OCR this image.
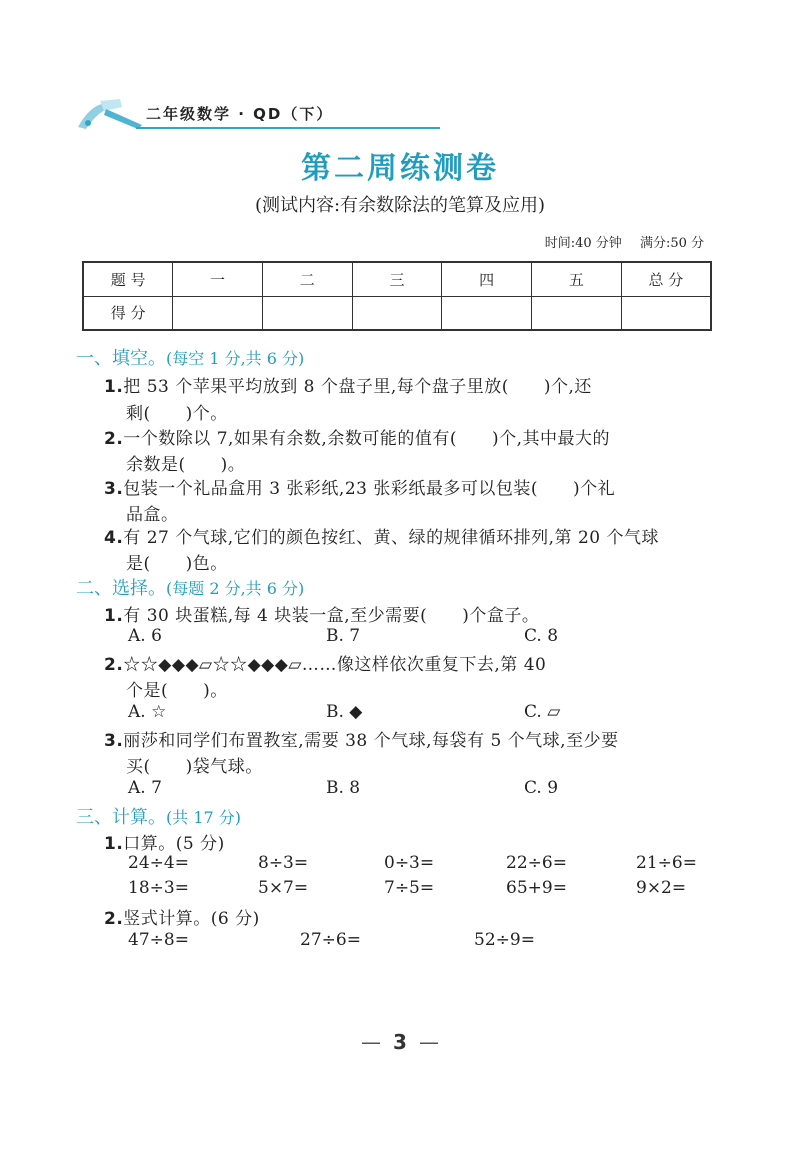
二年级数学 · QD（下）
第二周练测卷
(测试内容:有余数除法的笔算及应用)
时间:40 分钟 满分:50 分
题 号	一	二	三	四	五	总 分
得 分						
一、填空。(每空 1 分,共 6 分)
1.把 53 个苹果平均放到 8 个盘子里,每个盘子里放(　　)个,还
剩(　　)个。
2.一个数除以 7,如果有余数,余数可能的值有(　　)个,其中最大的
余数是(　　)。
3.包装一个礼品盒用 3 张彩纸,23 张彩纸最多可以包装(　　)个礼
品盒。
4.有 27 个气球,它们的颜色按红、黄、绿的规律循环排列,第 20 个气球
是(　　)色。
二、选择。(每题 2 分,共 6 分)
1.有 30 块蛋糕,每 4 块装一盒,至少需要(　　)个盒子。
A. 6	B. 7	C. 8
2.☆☆◆◆◆▱☆☆◆◆◆▱……像这样依次重复下去,第 40
个是(　　)。
A. ☆	B. ◆	C. ▱
3.丽莎和同学们布置教室,需要 38 个气球,每袋有 5 个气球,至少要
买(　　)袋气球。
A. 7	B. 8	C. 9
三、计算。(共 17 分)
1.口算。(5 分)
24÷4=	8÷3=	0÷3=	22÷6=	21÷6=
18÷3=	5×7=	7÷5=	65+9=	9×2=
2.竖式计算。(6 分)
47÷8=	27÷6=	52÷9=
— 3 —
